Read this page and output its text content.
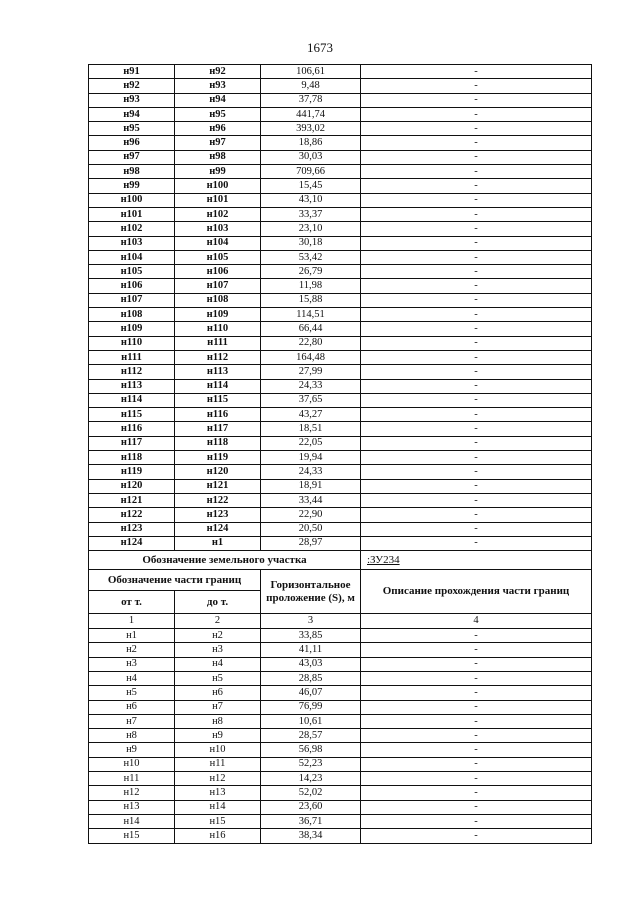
1673
н91	н92	106,61	-
н92	н93	9,48	-
н93	н94	37,78	-
н94	н95	441,74	-
н95	н96	393,02	-
н96	н97	18,86	-
н97	н98	30,03	-
н98	н99	709,66	-
н99	н100	15,45	-
н100	н101	43,10	-
н101	н102	33,37	-
н102	н103	23,10	-
н103	н104	30,18	-
н104	н105	53,42	-
н105	н106	26,79	-
н106	н107	11,98	-
н107	н108	15,88	-
н108	н109	114,51	-
н109	н110	66,44	-
н110	н111	22,80	-
н111	н112	164,48	-
н112	н113	27,99	-
н113	н114	24,33	-
н114	н115	37,65	-
н115	н116	43,27	-
н116	н117	18,51	-
н117	н118	22,05	-
н118	н119	19,94	-
н119	н120	24,33	-
н120	н121	18,91	-
н121	н122	33,44	-
н122	н123	22,90	-
н123	н124	20,50	-
н124	н1	28,97	-
Обозначение земельного участка			:ЗУ234
Обозначение части границ		Горизонтальное проложение (S), м	Описание прохождения части границ
от т.	до т.		
1	2	3	4
н1	н2	33,85	-
н2	н3	41,11	-
н3	н4	43,03	-
н4	н5	28,85	-
н5	н6	46,07	-
н6	н7	76,99	-
н7	н8	10,61	-
н8	н9	28,57	-
н9	н10	56,98	-
н10	н11	52,23	-
н11	н12	14,23	-
н12	н13	52,02	-
н13	н14	23,60	-
н14	н15	36,71	-
н15	н16	38,34	-
